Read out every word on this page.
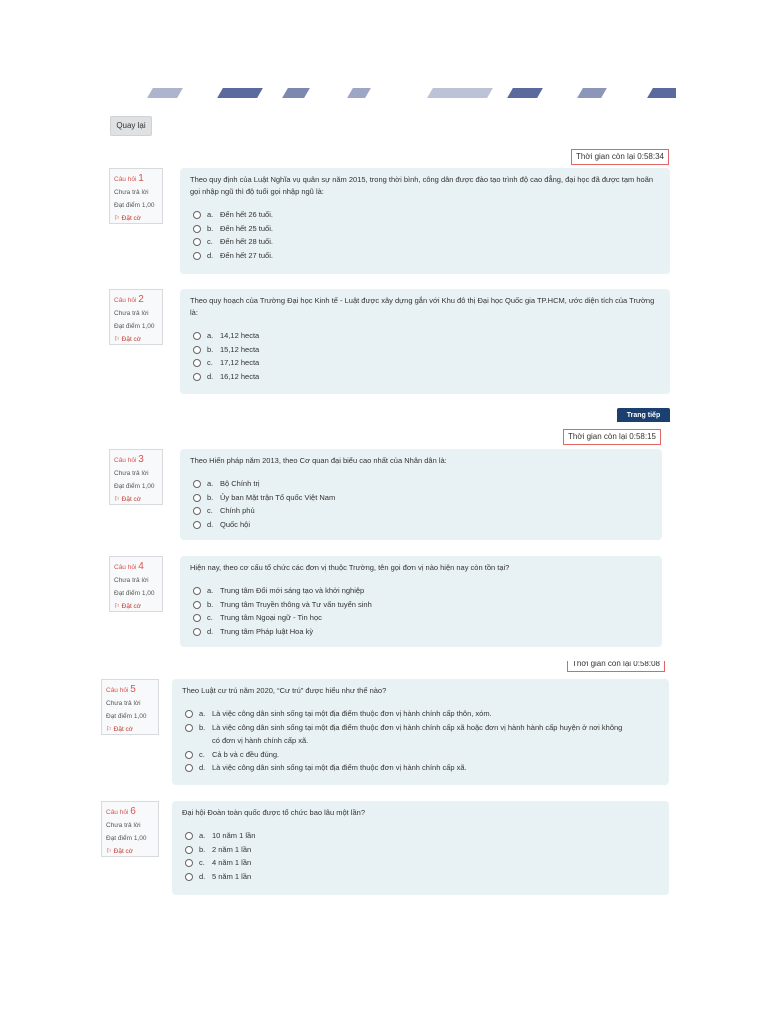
Quay lại
Thời gian còn lại 0:58:34
Trang tiếp
Thời gian còn lại 0:58:15
Thời gian còn lại 0:58:08
Câu hỏi 1
Chưa trả lời
Đạt điểm 1,00
⚐ Đặt cờ
Câu hỏi 2
Chưa trả lời
Đạt điểm 1,00
⚐ Đặt cờ
Câu hỏi 3
Chưa trả lời
Đạt điểm 1,00
⚐ Đặt cờ
Câu hỏi 4
Chưa trả lời
Đạt điểm 1,00
⚐ Đặt cờ
Câu hỏi 5
Chưa trả lời
Đạt điểm 1,00
⚐ Đặt cờ
Câu hỏi 6
Chưa trả lời
Đạt điểm 1,00
⚐ Đặt cờ
Theo quy định của Luật Nghĩa vụ quân sự năm 2015, trong thời bình, công dân được đào tạo trình độ cao đẳng, đại học đã được tạm hoãn gọi nhập ngũ thì độ tuổi gọi nhập ngũ là:
a. Đến hết 26 tuổi.
b. Đến hết 25 tuổi.
c. Đến hết 28 tuổi.
d. Đến hết 27 tuổi.
Theo quy hoạch của Trường Đại học Kinh tế - Luật được xây dựng gắn với Khu đô thị Đại học Quốc gia TP.HCM, ước diện tích của Trường là:
a. 14,12 hecta
b. 15,12 hecta
c. 17,12 hecta
d. 16,12 hecta
Theo Hiến pháp năm 2013, theo Cơ quan đại biểu cao nhất của Nhân dân là:
a. Bộ Chính trị
b. Ủy ban Mặt trận Tổ quốc Việt Nam
c. Chính phủ
d. Quốc hội
Hiện nay, theo cơ cấu tổ chức các đơn vị thuộc Trường, tên gọi đơn vị nào hiện nay còn tồn tại?
a. Trung tâm Đổi mới sáng tạo và khởi nghiệp
b. Trung tâm Truyền thông và Tư vấn tuyển sinh
c. Trung tâm Ngoại ngữ - Tin học
d. Trung tâm Pháp luật Hoa kỳ
Theo Luật cư trú năm 2020, “Cư trú” được hiểu như thế nào?
a. Là việc công dân sinh sống tại một địa điểm thuộc đơn vị hành chính cấp thôn, xóm.
b. Là việc công dân sinh sống tại một địa điểm thuộc đơn vị hành chính cấp xã hoặc đơn vị hành hành cấp huyện ở nơi không có đơn vị hành chính cấp xã.
c. Cả b và c đều đúng.
d. Là việc công dân sinh sống tại một địa điểm thuộc đơn vị hành chính cấp xã.
Đại hội Đoàn toàn quốc được tổ chức bao lâu một lần?
a. 10 năm 1 lần
b. 2 năm 1 lần
c. 4 năm 1 lần
d. 5 năm 1 lần
